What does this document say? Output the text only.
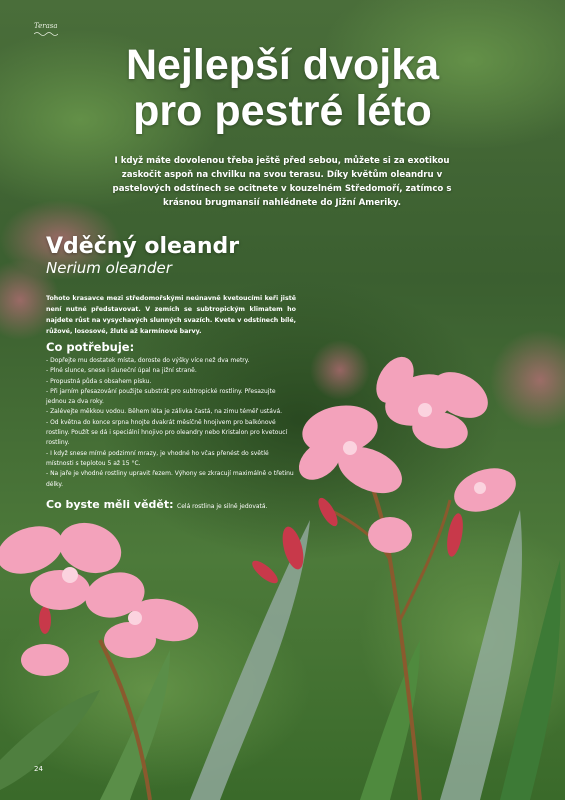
Terasa
Nejlepší dvojka
pro pestré léto
I když máte dovolenou třeba ještě před sebou, můžete si za exotikou zaskočit aspoň na chvilku na svou terasu. Díky květům oleandru v pastelových odstínech se ocitnete v kouzelném Středomoří, zatímco s krásnou brugmansií nahlédnete do Jižní Ameriky.
Vděčný oleandr
Nerium oleander
Tohoto krasavce mezi středomořskými neúnavně kvetoucími keři jistě není nutné představovat. V zemích se subtropickým klimatem ho najdete růst na vysychavých slunných svazích. Kvete v odstínech bílé, růžové, lososové, žluté až karmínové barvy.
Co potřebuje:
- Dopřejte mu dostatek místa, doroste do výšky více než dva metry.
- Plné slunce, snese i sluneční úpal na jižní straně.
- Propustná půda s obsahem písku.
- Při jarním přesazování použijte substrát pro subtropické rostliny. Přesazujte jednou za dva roky.
- Zalévejte měkkou vodou. Během léta je zálivka častá, na zimu téměř ustává.
- Od května do konce srpna hnojte dvakrát měsíčně hnojivem pro balkónové rostliny. Použít se dá i speciální hnojivo pro oleandry nebo Kristalon pro kvetoucí rostliny.
- I když snese mírné podzimní mrazy, je vhodné ho včas přenést do světlé místnosti s teplotou 5 až 15 °C.
- Na jaře je vhodné rostliny upravit řezem. Výhony se zkracují maximálně o třetinu délky.
Co byste měli vědět: Celá rostlina je silně jedovatá.
24
